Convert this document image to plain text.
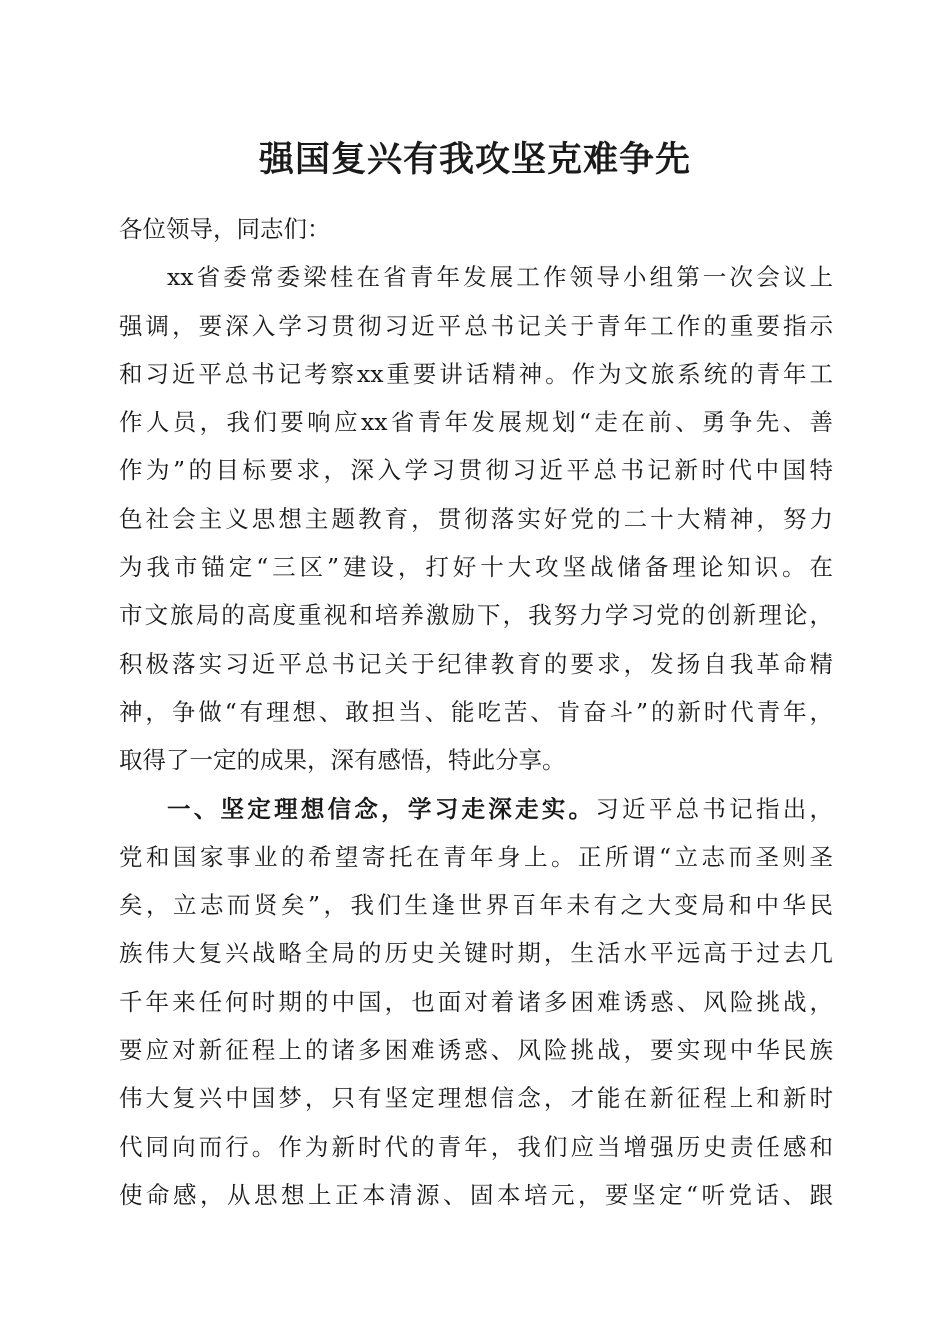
强国复兴有我攻坚克难争先
各位领导，同志们：
xx省委常委梁桂在省青年发展工作领导小组第一次会议上
强调，要深入学习贯彻习近平总书记关于青年工作的重要指示
和习近平总书记考察xx重要讲话精神。作为文旅系统的青年工
作人员，我们要响应xx省青年发展规划“走在前、勇争先、善
作为”的目标要求，深入学习贯彻习近平总书记新时代中国特
色社会主义思想主题教育，贯彻落实好党的二十大精神，努力
为我市锚定“三区”建设，打好十大攻坚战储备理论知识。在
市文旅局的高度重视和培养激励下，我努力学习党的创新理论，
积极落实习近平总书记关于纪律教育的要求，发扬自我革命精
神，争做“有理想、敢担当、能吃苦、肯奋斗”的新时代青年，
取得了一定的成果，深有感悟，特此分享。
一、坚定理想信念，学习走深走实。习近平总书记指出，
党和国家事业的希望寄托在青年身上。正所谓“立志而圣则圣
矣，立志而贤矣”，我们生逢世界百年未有之大变局和中华民
族伟大复兴战略全局的历史关键时期，生活水平远高于过去几
千年来任何时期的中国，也面对着诸多困难诱惑、风险挑战，
要应对新征程上的诸多困难诱惑、风险挑战，要实现中华民族
伟大复兴中国梦，只有坚定理想信念，才能在新征程上和新时
代同向而行。作为新时代的青年，我们应当增强历史责任感和
使命感，从思想上正本清源、固本培元，要坚定“听党话、跟
